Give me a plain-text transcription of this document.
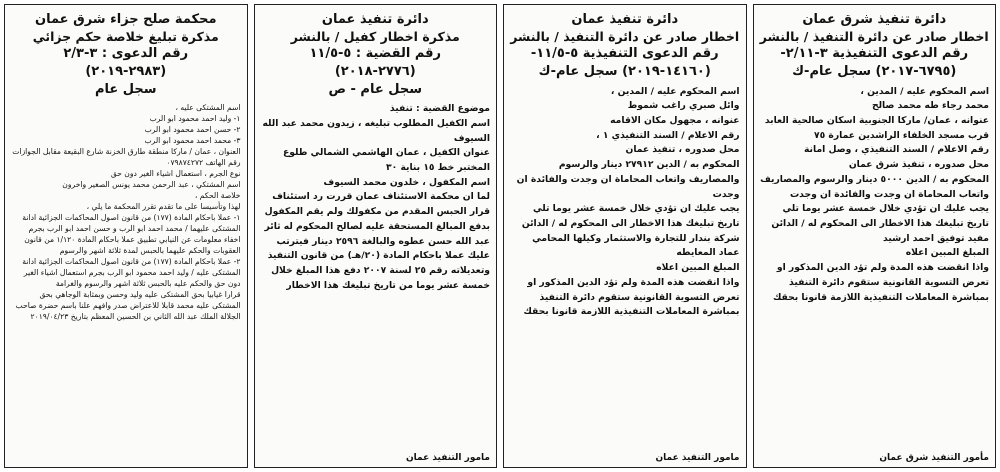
دائرة تنفيذ شرق عمان
اخطار صادر عن دائرة التنفيذ / بالنشر
رقم الدعوى التنفيذية ٣-٢/١١-
(٦٧٩٥-٢٠١٧) سجل عام-ك
اسم المحكوم عليه / المدين ،
محمد رجاء طه محمد صالح
عنوانه ، عمان/ ماركا الجنوبية اسكان صالحية العابد قرب مسجد الخلفاء الراشدين عمارة ٧٥
رقم الاعلام / السند التنفيذي ، وصل امانة
محل صدوره ، تنفيذ شرق عمان
المحكوم به / الدين ٥٠٠٠ دينار والرسوم والمصاريف واتعاب المحاماة ان وجدت والفائدة ان وجدت
يجب عليك ان تؤدي خلال خمسة عشر يوما تلي تاريخ تبليغك هذا الاخطار الى المحكوم له / الدائن
مفيد توفيق احمد ارشيد
المبلغ المبين اعلاه
واذا انقضت هذه المدة ولم تؤد الدين المذكور او تعرض التسوية القانونية ستقوم دائرة التنفيذ بمباشرة المعاملات التنفيذية اللازمة قانونا بحقك
مأمور التنفيذ شرق عمان
دائرة تنفيذ عمان
اخطار صادر عن دائرة التنفيذ / بالنشر
رقم الدعوى التنفيذية ٥-١١/٥-
(١٤١٦٠-٢٠١٩) سجل عام-ك
اسم المحكوم عليه / المدين ،
وائل صبري راغب شموط
عنوانه ، مجهول مكان الاقامه
رقم الاعلام / السند التنفيذي ١ ،
محل صدوره ، تنفيذ عمان
المحكوم به / الدين ٢٧٩١٢ دينار والرسوم والمصاريف واتعاب المحاماة ان وجدت والفائدة ان وجدت
يجب عليك ان تؤدي خلال خمسة عشر يوما تلي تاريخ تبليغك هذا الاخطار الى المحكوم له / الدائن
شركة بندار للتجارة والاستثمار وكيلها المحامي عماد المعايطه
المبلغ المبين اعلاه
واذا انقضت هذه المدة ولم تؤد الدين المذكور او تعرض التسوية القانونية ستقوم دائرة التنفيذ بمباشرة المعاملات التنفيذية اللازمة قانونا بحقك
مامور التنفيذ عمان
دائرة تنفيذ عمان
مذكرة اخطار كفيل / بالنشر
رقم القضية : ٥-١١/٥
(٢٧٧٦-٢٠١٨)
سجل عام - ص
موضوع القضية : تنفيذ
اسم الكفيل المطلوب تبليغه ، زيدون محمد عبد الله السيوف
عنوان الكفيل ، عمان الهاشمي الشمالي طلوع المختبر خط ١٥ بناية ٣٠
اسم المكفول ، خلدون محمد السيوف
لما ان محكمة الاستئناف عمان قررت رد استئناف قرار الحبس المقدم من مكفولك ولم يقم المكفول بدفع المبالغ المستحقة عليه لصالح المحكوم له ثائر عبد الله حسن عطوه والبالغة ٢٥٩٦ دينار فيترتب عليك عملا باحكام المادة (٢٠/هـ) من قانون التنفيذ وتعديلاته رقم ٢٥ لسنة ٢٠٠٧ دفع هذا المبلغ خلال خمسة عشر يوما من تاريخ تبليغك هذا الاخطار
مامور التنفيذ عمان
محكمة صلح جزاء شرق عمان
مذكرة تبليغ خلاصة حكم جزائي
رقم الدعوى : ٣-٢/٣
(٢٩٨٣-٢٠١٩)
سجل عام
اسم المشتكى عليه ،
١- وليد احمد محمود ابو الرب
٢- حسن احمد محمود ابو الرب
٣- محمد احمد محمود ابو الرب
العنوان ، عمان / ماركا منطقة طارق الخزنة شارع البقيعة مقابل الجوازات رقم الهاتف ٠٧٩٨٧٤٢٧٢
نوع الجرم ، استعمال اشياء الغير دون حق
اسم المشتكي ، عبد الرحمن محمد يونس الصغير واخرون
خلاصة الحكم ،
لهذا وتأسيسا على ما تقدم تقرر المحكمة ما يلي ،
١- عملا باحكام المادة (١٧٧) من قانون اصول المحاكمات الجزائية ادانة المشتكى عليهما / محمد احمد ابو الرب و حسن احمد ابو الرب بجرم اخفاء معلومات عن النيابي تطبيق عملا باحكام المادة ١/١٢٠ من قانون العقوبات والحكم عليهما بالحبس لمدة ثلاثة اشهر والرسوم
٢- عملا باحكام المادة (١٧٧) من قانون اصول المحاكمات الجزائية ادانة المشتكى عليه / وليد احمد محمود ابو الرب بجرم استعمال اشياء الغير دون حق والحكم عليه بالحبس ثلاثة اشهر والرسوم والغرامة
قرارا غيابيا بحق المشتكى عليه وليد وحسن وبمثابة الوجاهي بحق المشتكى عليه محمد قابلا للاعتراض صدر وافهم علنا باسم حضرة صاحب الجلالة الملك عبد الله الثاني بن الحسين المعظم بتاريخ ٢٠١٩/٠٤/٢٣
